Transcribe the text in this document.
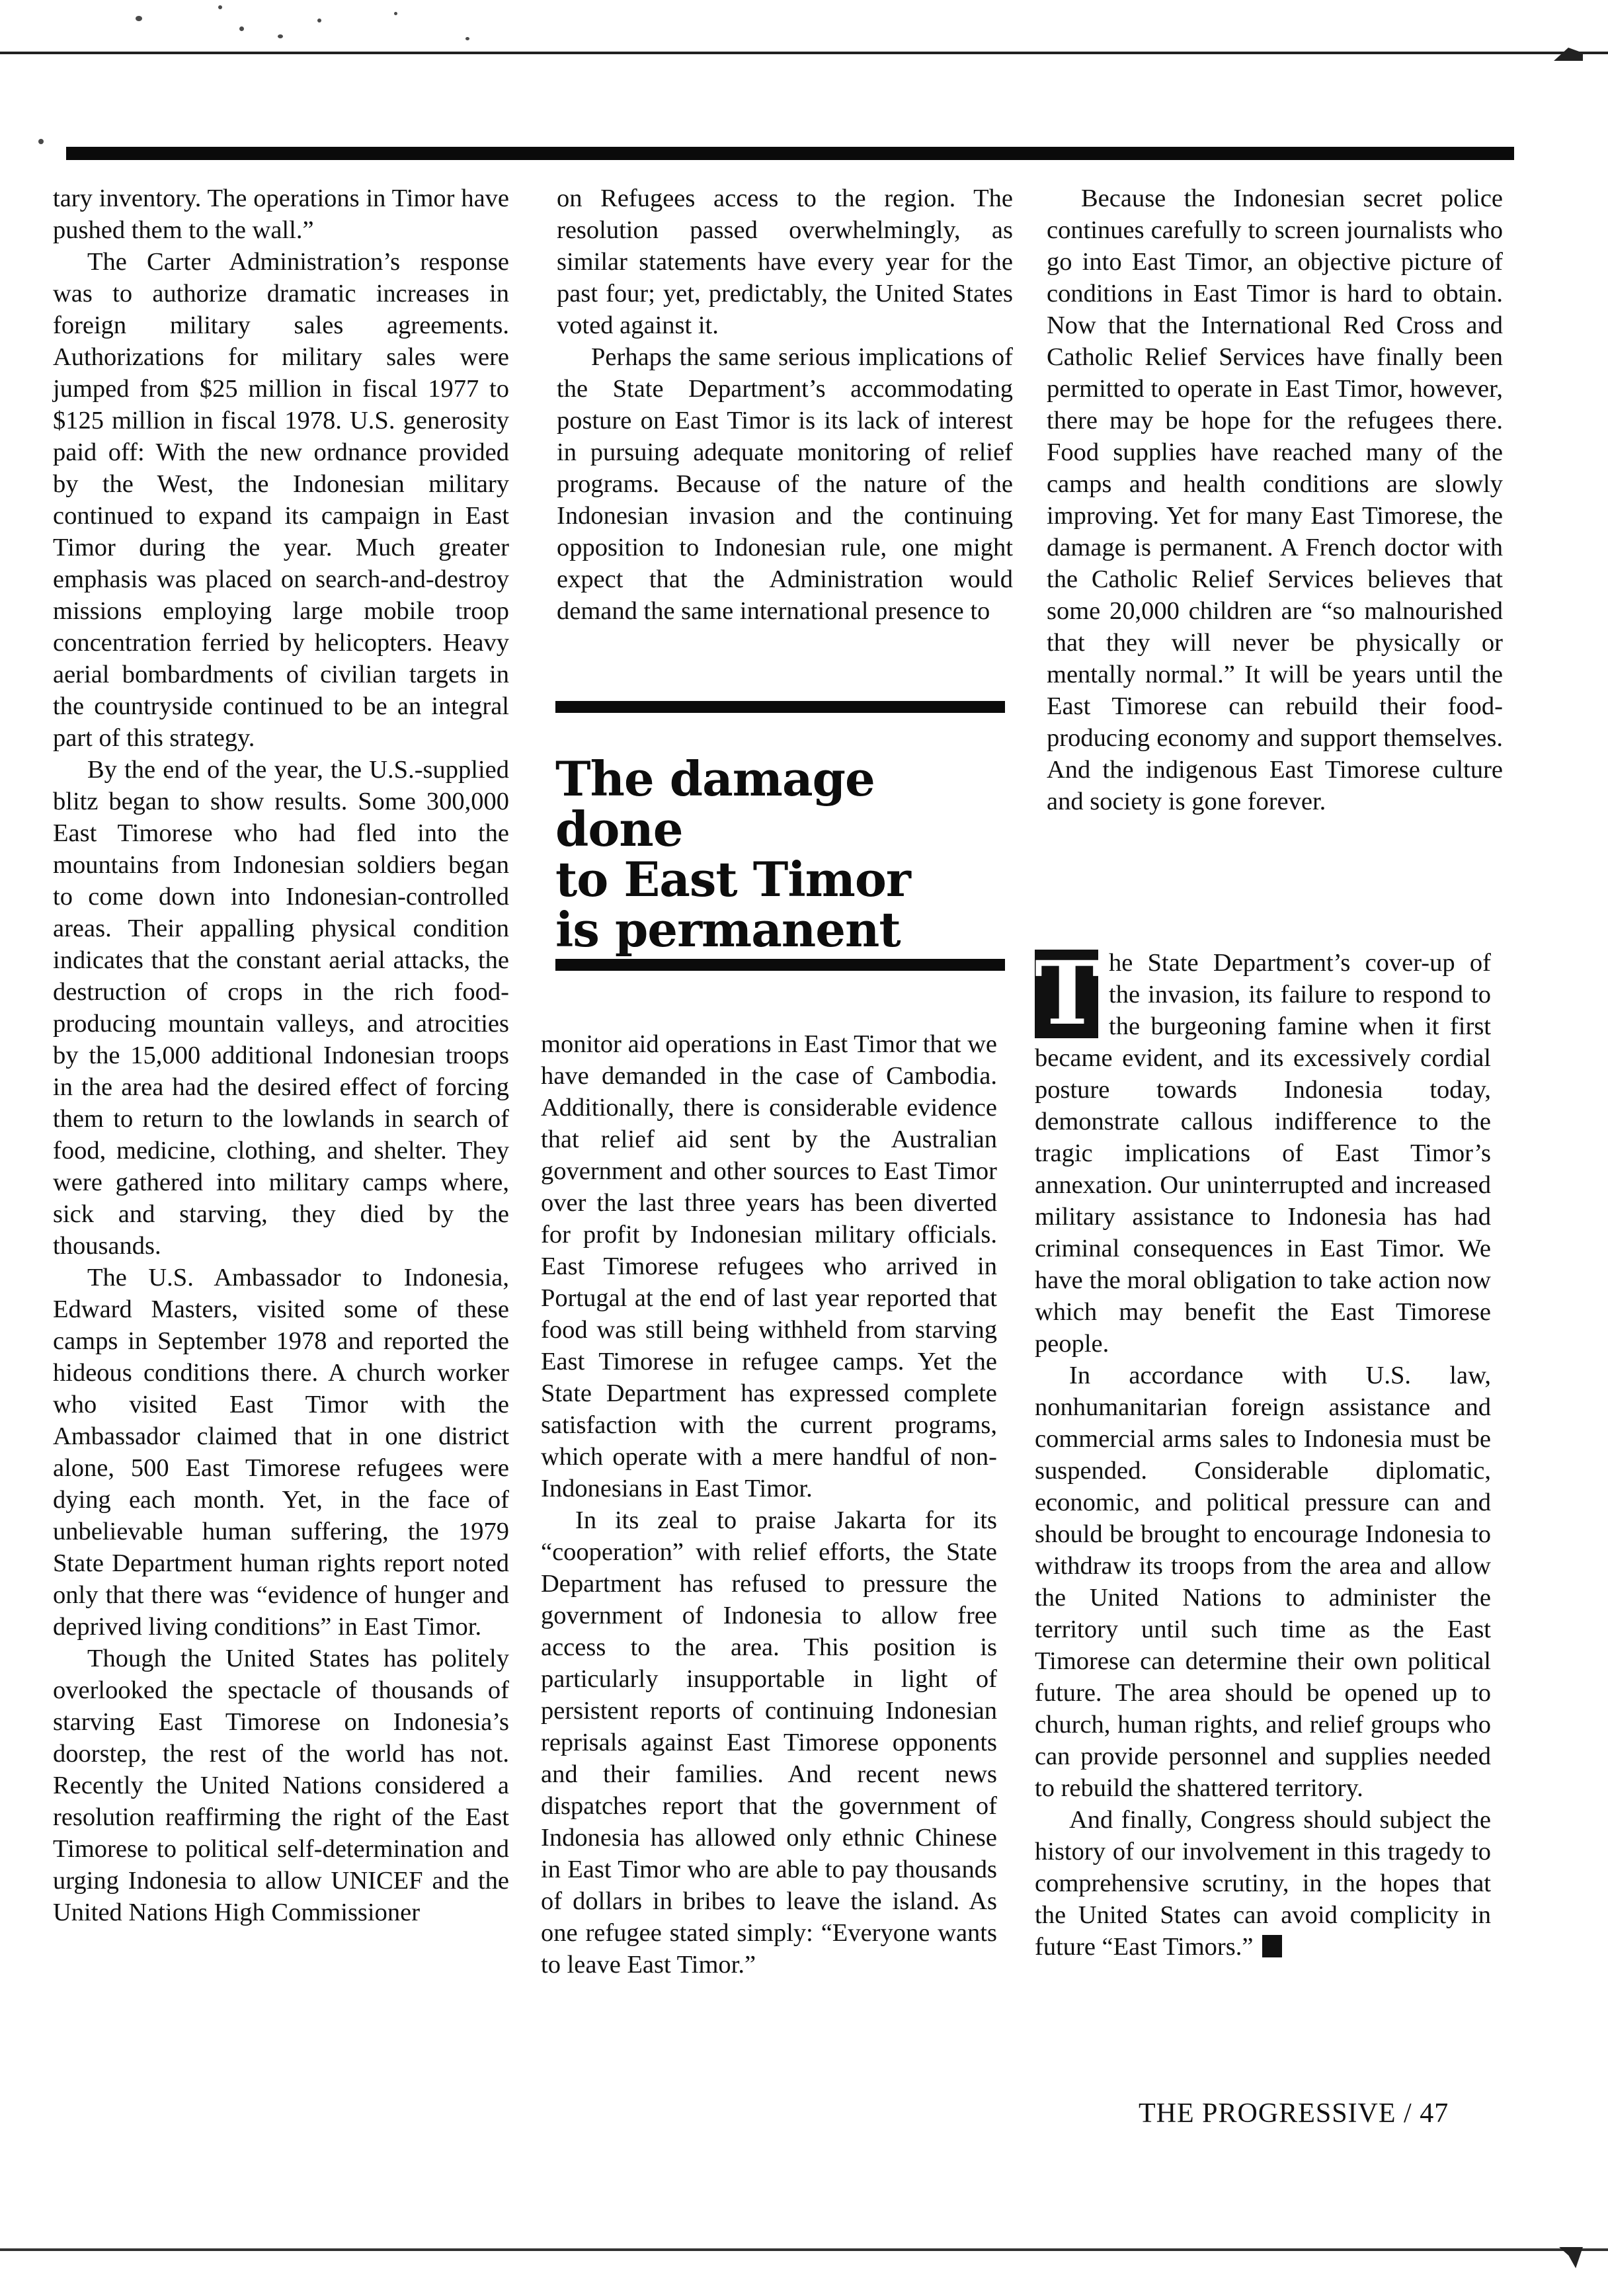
tary inventory. The operations in Timor have pushed them to the wall.”

The Carter Administration’s response was to authorize dramatic increases in foreign military sales agreements. Authorizations for military sales were jumped from $25 million in fiscal 1977 to $125 million in fiscal 1978. U.S. generosity paid off: With the new ordnance provided by the West, the Indonesian military continued to expand its campaign in East Timor during the year. Much greater emphasis was placed on search-and-destroy missions employing large mobile troop concentration ferried by helicopters. Heavy aerial bombardments of civilian targets in the countryside continued to be an integral part of this strategy.

By the end of the year, the U.S.-supplied blitz began to show results. Some 300,000 East Timorese who had fled into the mountains from Indonesian soldiers began to come down into Indonesian-controlled areas. Their appalling physical condition indicates that the constant aerial attacks, the destruction of crops in the rich food-producing mountain valleys, and atrocities by the 15,000 additional Indonesian troops in the area had the desired effect of forcing them to return to the lowlands in search of food, medicine, clothing, and shelter. They were gathered into military camps where, sick and starving, they died by the thousands.

The U.S. Ambassador to Indonesia, Edward Masters, visited some of these camps in September 1978 and reported the hideous conditions there. A church worker who visited East Timor with the Ambassador claimed that in one district alone, 500 East Timorese refugees were dying each month. Yet, in the face of unbelievable human suffering, the 1979 State Department human rights report noted only that there was “evidence of hunger and deprived living conditions” in East Timor.

Though the United States has politely overlooked the spectacle of thousands of starving East Timorese on Indonesia’s doorstep, the rest of the world has not. Recently the United Nations considered a resolution reaffirming the right of the East Timorese to political self-determination and urging Indonesia to allow UNICEF and the United Nations High Commissioner

on Refugees access to the region. The resolution passed overwhelmingly, as similar statements have every year for the past four; yet, predictably, the United States voted against it.

Perhaps the same serious implications of the State Department’s accommodating posture on East Timor is its lack of interest in pursuing adequate monitoring of relief programs. Because of the nature of the Indonesian invasion and the continuing opposition to Indonesian rule, one might expect that the Administration would demand the same international presence to

The damage done
to East Timor
is permanent

monitor aid operations in East Timor that we have demanded in the case of Cambodia. Additionally, there is considerable evidence that relief aid sent by the Australian government and other sources to East Timor over the last three years has been diverted for profit by Indonesian military officials. East Timorese refugees who arrived in Portugal at the end of last year reported that food was still being withheld from starving East Timorese in refugee camps. Yet the State Department has expressed complete satisfaction with the current programs, which operate with a mere handful of non-Indonesians in East Timor.

In its zeal to praise Jakarta for its “cooperation” with relief efforts, the State Department has refused to pressure the government of Indonesia to allow free access to the area. This position is particularly insupportable in light of persistent reports of continuing Indonesian reprisals against East Timorese opponents and their families. And recent news dispatches report that the government of Indonesia has allowed only ethnic Chinese in East Timor who are able to pay thousands of dollars in bribes to leave the island. As one refugee stated simply: “Everyone wants to leave East Timor.”

Because the Indonesian secret police continues carefully to screen journalists who go into East Timor, an objective picture of conditions in East Timor is hard to obtain. Now that the International Red Cross and Catholic Relief Services have finally been permitted to operate in East Timor, however, there may be hope for the refugees there. Food supplies have reached many of the camps and health conditions are slowly improving. Yet for many East Timorese, the damage is permanent. A French doctor with the Catholic Relief Services believes that some 20,000 children are “so malnourished that they will never be physically or mentally normal.” It will be years until the East Timorese can rebuild their food-producing economy and support themselves. And the indigenous East Timorese culture and society is gone forever.

T he State Department’s cover-up of the invasion, its failure to respond to the burgeoning famine when it first became evident, and its excessively cordial posture towards Indonesia today, demonstrate callous indifference to the tragic implications of East Timor’s annexation. Our uninterrupted and increased military assistance to Indonesia has had criminal consequences in East Timor. We have the moral obligation to take action now which may benefit the East Timorese people.

In accordance with U.S. law, nonhumanitarian foreign assistance and commercial arms sales to Indonesia must be suspended. Considerable diplomatic, economic, and political pressure can and should be brought to encourage Indonesia to withdraw its troops from the area and allow the United Nations to administer the territory until such time as the East Timorese can determine their own political future. The area should be opened up to church, human rights, and relief groups who can provide personnel and supplies needed to rebuild the shattered territory.

And finally, Congress should subject the history of our involvement in this tragedy to comprehensive scrutiny, in the hopes that the United States can avoid complicity in future “East Timors.”

THE PROGRESSIVE / 47
